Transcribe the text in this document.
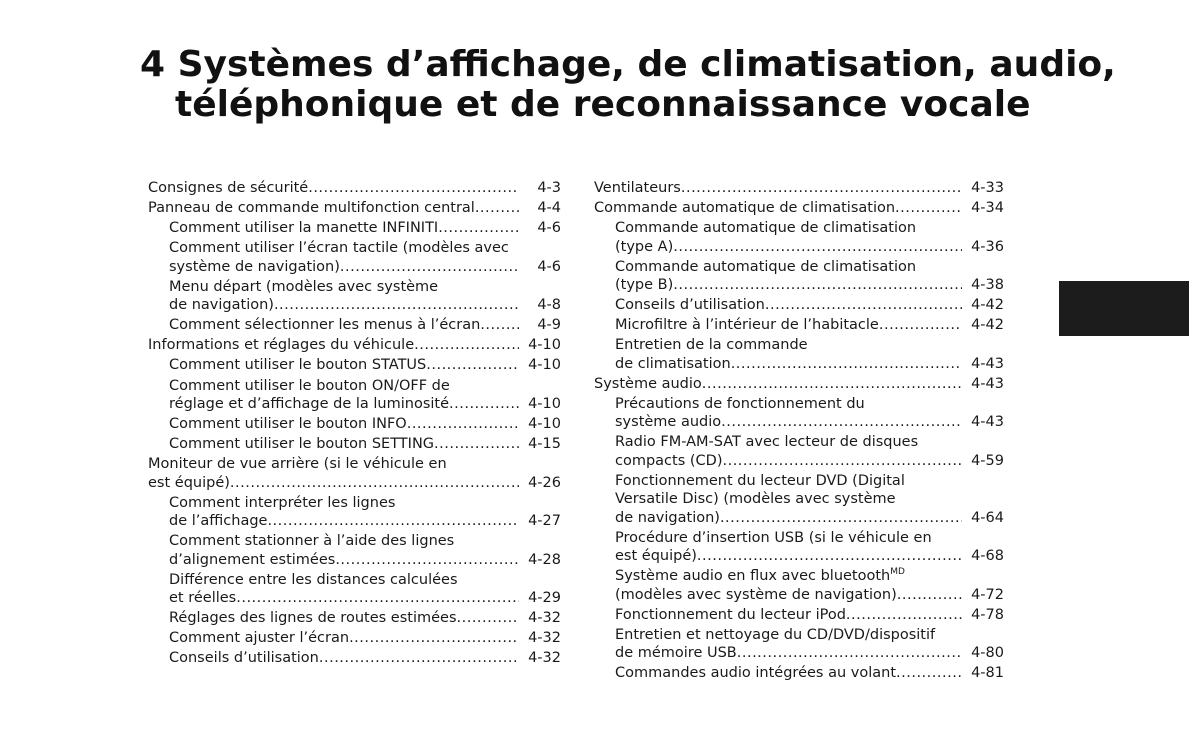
4 Systèmes d’affichage, de climatisation, audio,
téléphonique et de reconnaissance vocale
Consignes de sécurité .....	4-3
Panneau de commande multifonction central .....	4-4
Comment utiliser la manette INFINITI .....	4-6
Comment utiliser l’écran tactile (modèles avec
système de navigation) .....	4-6
Menu départ (modèles avec système
de navigation) .....	4-8
Comment sélectionner les menus à l’écran .....	4-9
Informations et réglages du véhicule .....	4-10
Comment utiliser le bouton STATUS .....	4-10
Comment utiliser le bouton ON/OFF de
réglage et d’affichage de la luminosité .....	4-10
Comment utiliser le bouton INFO .....	4-10
Comment utiliser le bouton SETTING .....	4-15
Moniteur de vue arrière (si le véhicule en
est équipé) .....	4-26
Comment interpréter les lignes
de l’affichage .....	4-27
Comment stationner à l’aide des lignes
d’alignement estimées .....	4-28
Différence entre les distances calculées
et réelles .....	4-29
Réglages des lignes de routes estimées .....	4-32
Comment ajuster l’écran .....	4-32
Conseils d’utilisation .....	4-32
Ventilateurs .....	4-33
Commande automatique de climatisation .....	4-34
Commande automatique de climatisation
(type A) .....	4-36
Commande automatique de climatisation
(type B) .....	4-38
Conseils d’utilisation .....	4-42
Microfiltre à l’intérieur de l’habitacle .....	4-42
Entretien de la commande
de climatisation .....	4-43
Système audio .....	4-43
Précautions de fonctionnement du
système audio .....	4-43
Radio FM-AM-SAT avec lecteur de disques
compacts (CD) .....	4-59
Fonctionnement du lecteur DVD (Digital
Versatile Disc) (modèles avec système
de navigation) .....	4-64
Procédure d’insertion USB (si le véhicule en
est équipé) .....	4-68
Système audio en flux avec bluetooth$^{MD}$

(modèles avec système de navigation) .....	4-72
Fonctionnement du lecteur iPod .....	4-78
Entretien et nettoyage du CD/DVD/dispositif
de mémoire USB .....	4-80
Commandes audio intégrées au volant .....	4-81
